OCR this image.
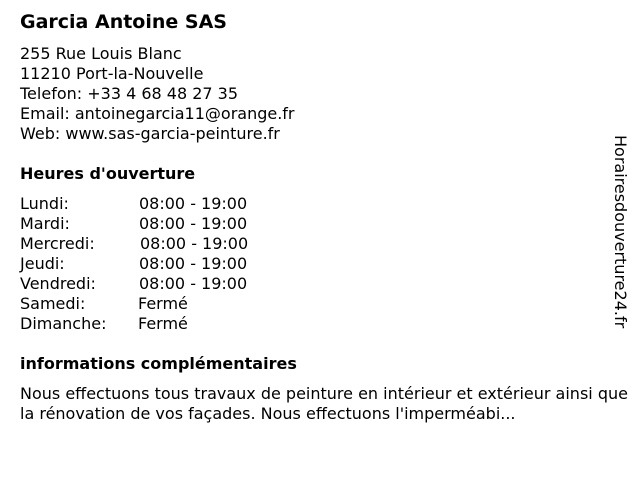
Garcia Antoine SAS
255 Rue Louis Blanc
11210 Port-la-Nouvelle
Telefon: +33 4 68 48 27 35
Email: antoinegarcia11@orange.fr
Web: www.sas-garcia-peinture.fr
Heures d'ouverture
Lundi:	08:00 - 19:00
Mardi:	08:00 - 19:00
Mercredi:	08:00 - 19:00
Jeudi:	08:00 - 19:00
Vendredi:	08:00 - 19:00
Samedi:	Fermé
Dimanche: Fermé
informations complémentaires
Nous effectuons tous travaux de peinture en intérieur et extérieur ainsi que la rénovation de vos façades. Nous effectuons l'imperméabi...
Horairesdouverture24.fr
